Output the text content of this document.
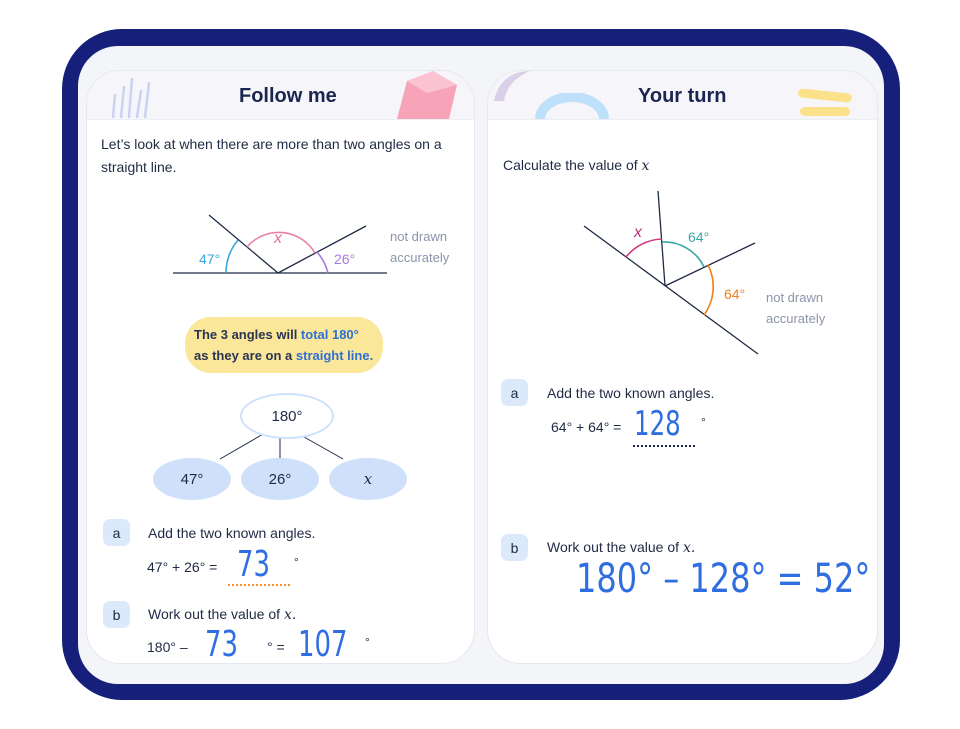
Follow me
Let’s look at when there are more than two angles on a straight line.
x
47°	26°
not drawn
accurately
The 3 angles will total 180°
as they are on a straight line.
180°
47°	26°	x
a	Add the two known angles.
47° + 26° = 73 °
b	Work out the value of x.
180° – 73 ° = 107 °
Your turn
Calculate the value of x
x	64°
64° not drawn
accurately
a	Add the two known angles.
64° + 64° = 128 °
b	Work out the value of x.
180° – 128° = 52°
